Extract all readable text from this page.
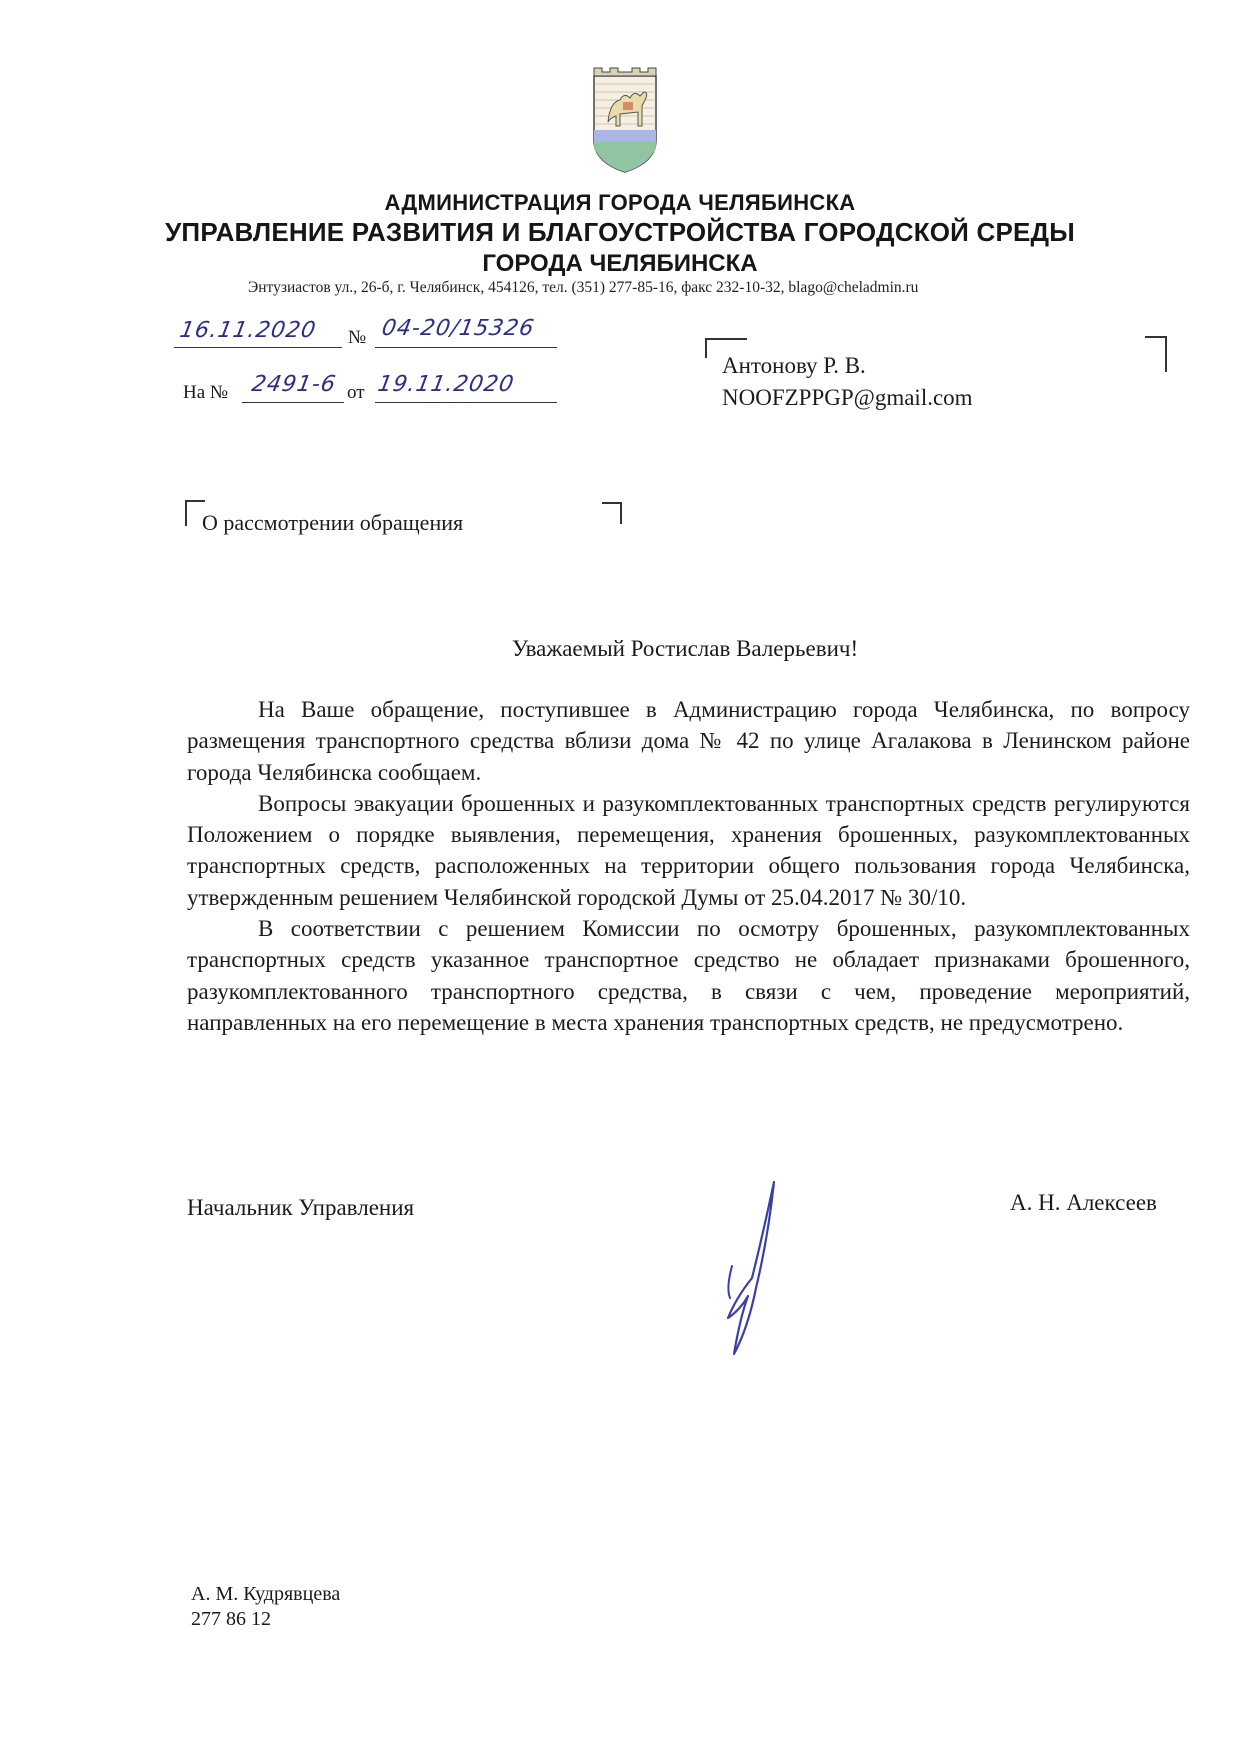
АДМИНИСТРАЦИЯ ГОРОДА ЧЕЛЯБИНСКА
УПРАВЛЕНИЕ РАЗВИТИЯ И БЛАГОУСТРОЙСТВА ГОРОДСКОЙ СРЕДЫ
ГОРОДА ЧЕЛЯБИНСКА
Энтузиастов ул., 26-б, г. Челябинск, 454126, тел. (351) 277-85-16, факс 232-10-32, blago@cheladmin.ru
16.11.2020 № 04-20/15326
На № 2491-6 от 19.11.2020
Антонову Р. В.
NOOFZPPGP@gmail.com
О рассмотрении обращения
Уважаемый Ростислав Валерьевич!

На Ваше обращение, поступившее в Администрацию города Челябинска, по вопросу размещения транспортного средства вблизи дома № 42 по улице Агалакова в Ленинском районе города Челябинска сообщаем.

Вопросы эвакуации брошенных и разукомплектованных транспортных средств регулируются Положением о порядке выявления, перемещения, хранения брошенных, разукомплектованных транспортных средств, расположенных на территории общего пользования города Челябинска, утвержденным решением Челябинской городской Думы от 25.04.2017 № 30/10.

В соответствии с решением Комиссии по осмотру брошенных, разукомплектованных транспортных средств указанное транспортное средство не обладает признаками брошенного, разукомплектованного транспортного средства, в связи с чем, проведение мероприятий, направленных на его перемещение в места хранения транспортных средств, не предусмотрено.

Начальник Управления	А. Н. Алексеев
А. М. Кудрявцева
277 86 12
